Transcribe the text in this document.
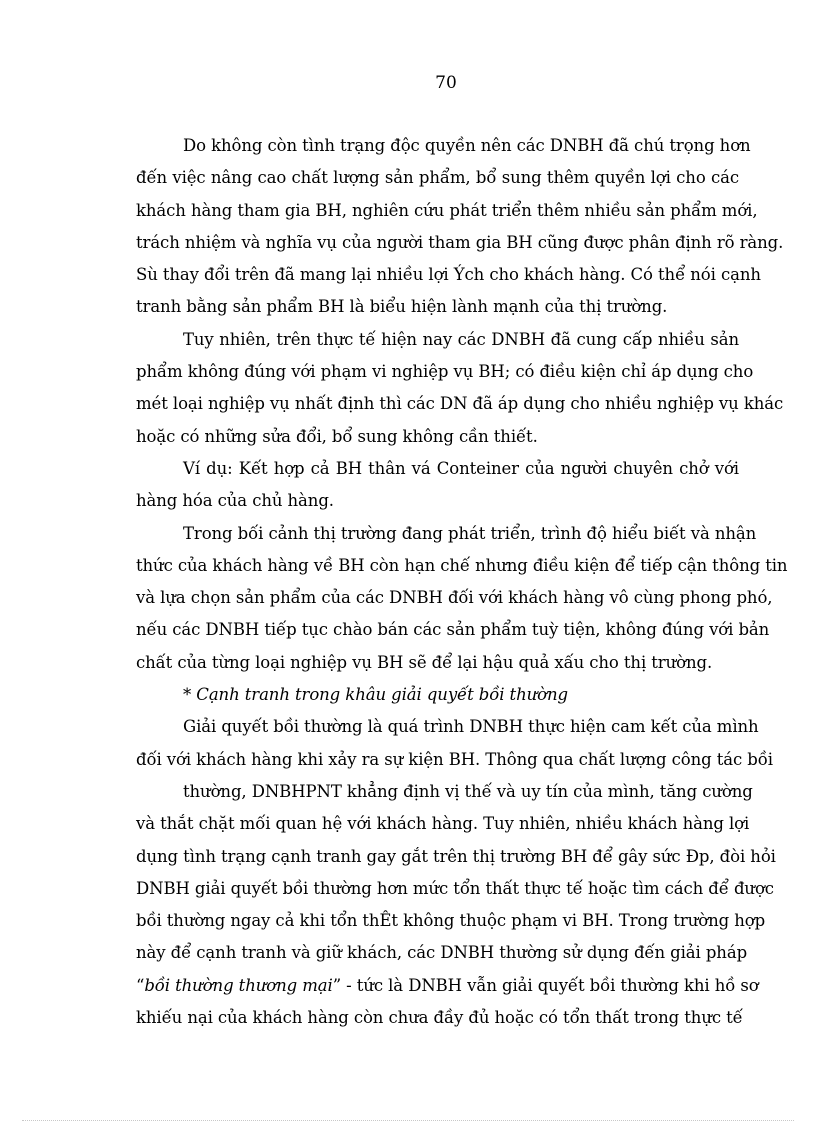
70
Do không còn tình trạng độc quyền nên các DNBH đã chú trọng hơn
đến việc nâng cao chất lượng sản phẩm, bổ sung thêm quyền lợi cho các
khách hàng tham gia BH, nghiên cứu phát triển thêm nhiều sản phẩm mới,
trách nhiệm và nghĩa vụ của người tham gia BH cũng được phân định rõ ràng.
Sù thay đổi trên đã mang lại nhiều lợi Ých cho khách hàng. Có thể nói cạnh
tranh bằng sản phẩm BH là biểu hiện lành mạnh của thị trường.
Tuy nhiên, trên thực tế hiện nay các DNBH đã cung cấp nhiều sản
phẩm không đúng với phạm vi nghiệp vụ BH; có điều kiện chỉ áp dụng cho
mét loại nghiệp vụ nhất định thì các DN đã áp dụng cho nhiều nghiệp vụ khác
hoặc có những sửa đổi, bổ sung không cần thiết.
Ví dụ: Kết hợp cả BH thân vá Conteiner của người chuyên chở với
hàng hóa của chủ hàng.
Trong bối cảnh thị trường đang phát triển, trình độ hiểu biết và nhận
thức của khách hàng về BH còn hạn chế nhưng điều kiện để tiếp cận thông tin
và lựa chọn sản phẩm của các DNBH đối với khách hàng vô cùng phong phó,
nếu các DNBH tiếp tục chào bán các sản phẩm tuỳ tiện, không đúng với bản
chất của từng loại nghiệp vụ BH sẽ để lại hậu quả xấu cho thị trường.
* Cạnh tranh trong khâu giải quyết bồi thường
Giải quyết bồi thường là quá trình DNBH thực hiện cam kết của mình
đối với khách hàng khi xảy ra sự kiện BH. Thông qua chất lượng công tác bồi
thường, DNBHPNT khẳng định vị thế và uy tín của mình, tăng cường
và thắt chặt mối quan hệ với khách hàng. Tuy nhiên, nhiều khách hàng lợi
dụng tình trạng cạnh tranh gay gắt trên thị trường BH để gây sức Ðp, đòi hỏi
DNBH giải quyết bồi thường hơn mức tổn thất thực tế hoặc tìm cách để được
bồi thường ngay cả khi tổn thÊt không thuộc phạm vi BH. Trong trường hợp
này để cạnh tranh và giữ khách, các DNBH thường sử dụng đến giải pháp
“bồi thường thương mại” - tức là DNBH vẫn giải quyết bồi thường khi hồ sơ
khiếu nại của khách hàng còn chưa đầy đủ hoặc có tổn thất trong thực tế
